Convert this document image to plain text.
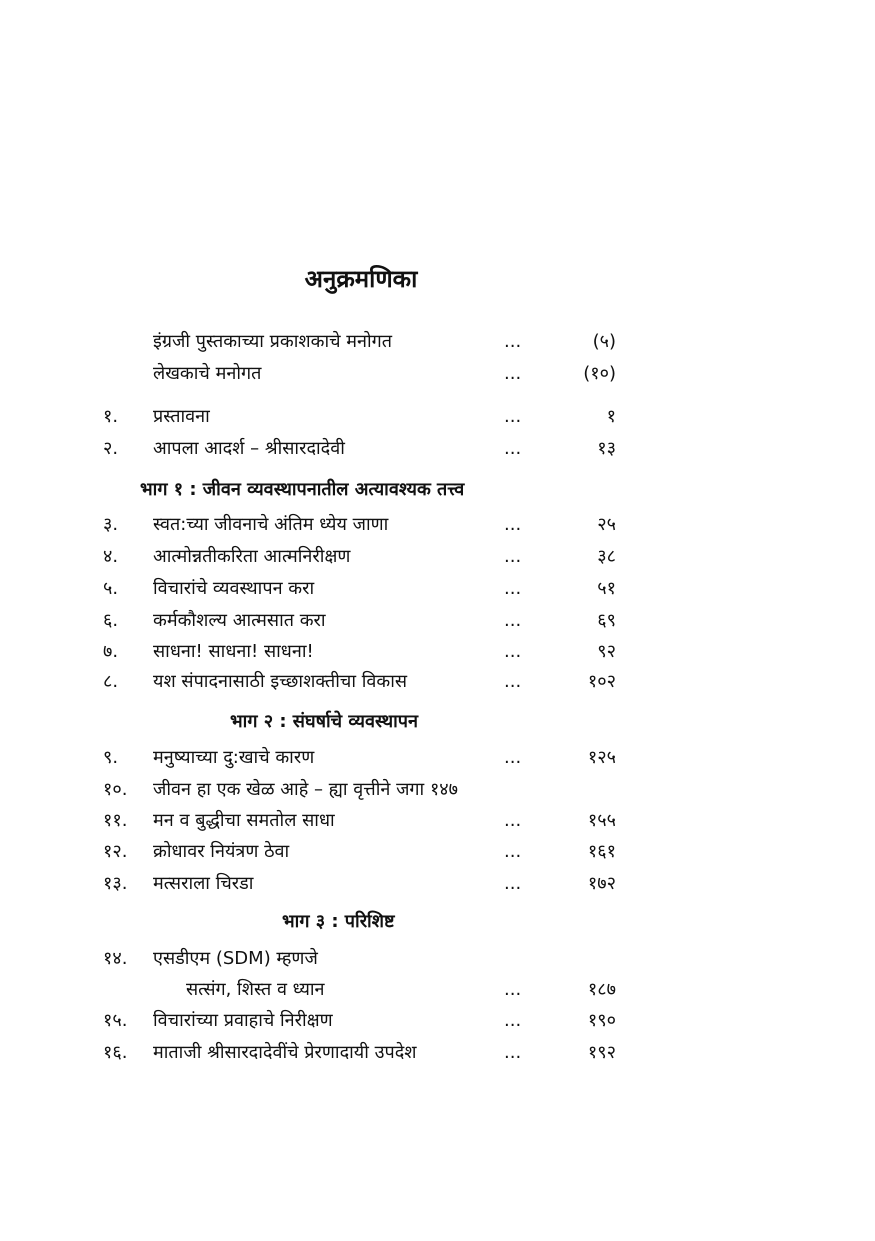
अनुक्रमणिका
इंग्रजी पुस्तकाच्या प्रकाशकाचे मनोगत	...	(५)
लेखकाचे मनोगत	...	(१०)
१.	प्रस्तावना	...	१
२.	आपला आदर्श – श्रीसारदादेवी	...	१३
भाग १ : जीवन व्यवस्थापनातील अत्यावश्यक तत्त्व
३.	स्वत:च्या जीवनाचे अंतिम ध्येय जाणा	...	२५
४.	आत्मोन्नतीकरिता आत्मनिरीक्षण	...	३८
५.	विचारांचे व्यवस्थापन करा	...	५१
६.	कर्मकौशल्य आत्मसात करा	...	६९
७.	साधना! साधना! साधना!	...	९२
८.	यश संपादनासाठी इच्छाशक्तीचा विकास	...	१०२
भाग २ : संघर्षाचे व्यवस्थापन
९.	मनुष्याच्या दु:खाचे कारण	...	१२५
१०.	जीवन हा एक खेळ आहे – ह्या वृत्तीने जगा १४७
११.	मन व बुद्धीचा समतोल साधा	...	१५५
१२.	क्रोधावर नियंत्रण ठेवा	...	१६१
१३.	मत्सराला चिरडा	...	१७२
भाग ३ : परिशिष्ट
१४.	एसडीएम (SDM) म्हणजे
सत्संग, शिस्त व ध्यान	...	१८७
१५.	विचारांच्या प्रवाहाचे निरीक्षण	...	१९०
१६.	माताजी श्रीसारदादेवींचे प्रेरणादायी उपदेश	...	१९२
